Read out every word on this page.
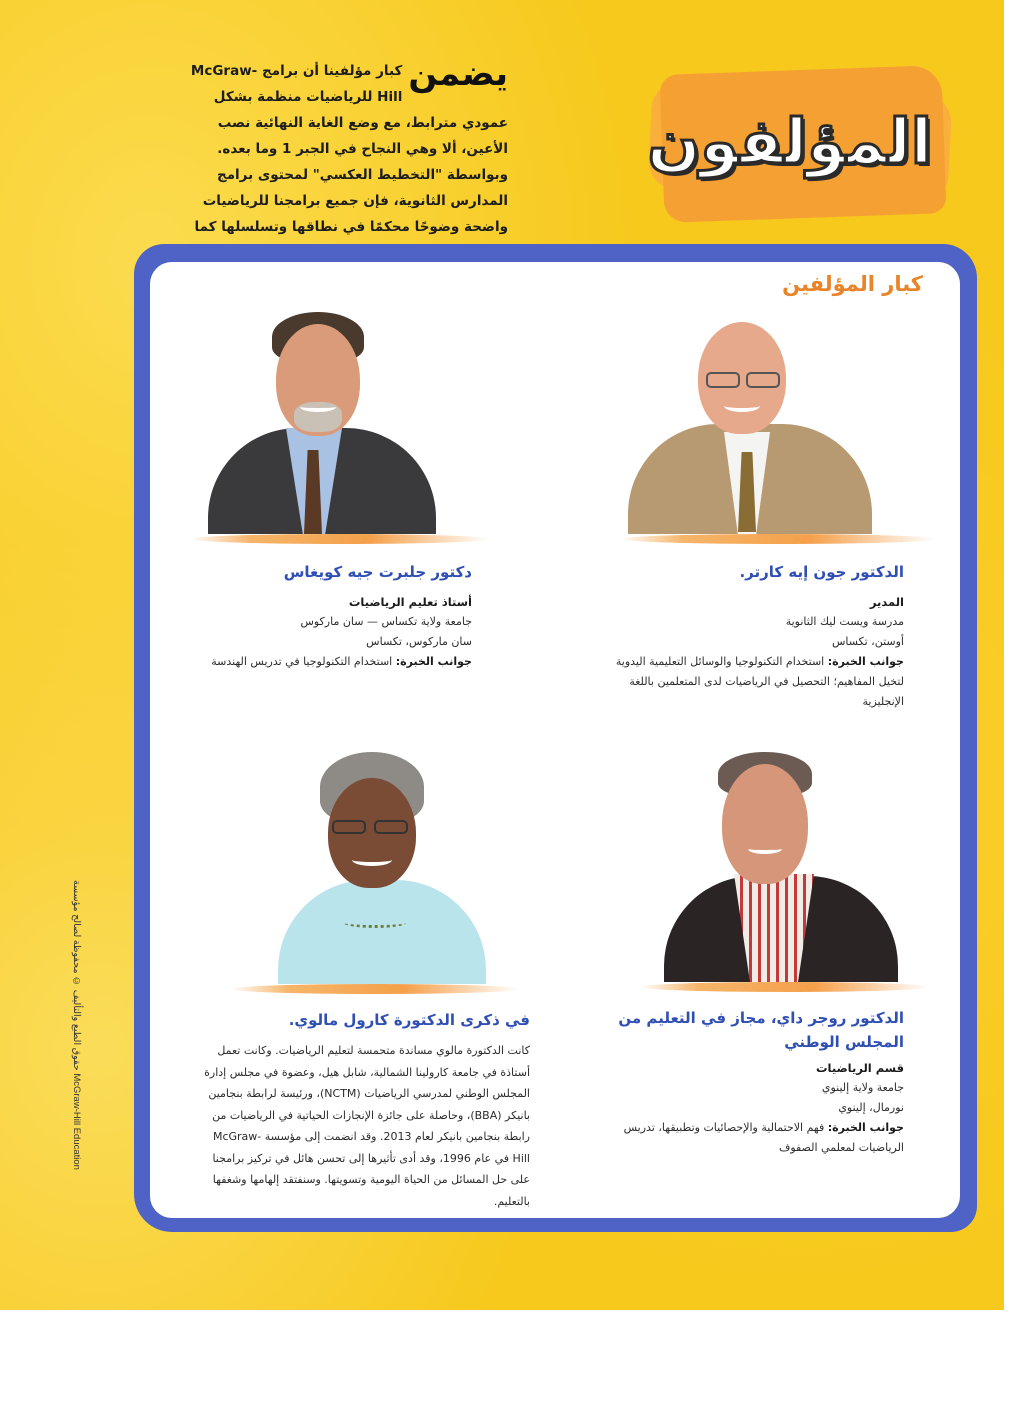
المؤلفون
يضمن
كبار مؤلفينا أن برامج McGraw-Hill للرياضيات منظمة بشكل عمودي مترابط، مع وضع الغاية النهائية نصب الأعين، ألا وهي النجاح في الجبر 1 وما بعده. وبواسطة "التخطيط العكسي" لمحتوى برامج المدارس الثانوية، فإن جميع برامجنا للرياضيات واضحة وضوحًا محكمًا في نطاقها وتسلسلها كما
حقوق الطبع والتأليف © محفوظة لصالح مؤسسة McGraw-Hill Education
كبار المؤلفين
الدكتور جون إيه كارتر.
المدير
مدرسة ويست ليك الثانوية
أوستن، تكساس
جوانب الخبرة: استخدام التكنولوجيا والوسائل التعليمية اليدوية لتخيل المفاهيم؛ التحصيل في الرياضيات لدى المتعلمين باللغة الإنجليزية
دكتور جلبرت جيه كويغاس
أستاذ تعليم الرياضيات
جامعة ولاية تكساس — سان ماركوس
سان ماركوس، تكساس
جوانب الخبرة: استخدام التكنولوجيا في تدريس الهندسة
الدكتور روجر داي، مجاز في التعليم من المجلس الوطني
قسم الرياضيات
جامعة ولاية إلينوي
نورمال، إلينوي
جوانب الخبرة: فهم الاحتمالية والإحصائيات وتطبيقها، تدريس الرياضيات لمعلمي الصفوف
في ذكرى الدكتورة كارول مالوي.
كانت الدكتورة مالوي مساندة متحمسة لتعليم الرياضيات. وكانت تعمل أستاذة في جامعة كارولينا الشمالية، شابل هيل، وعضوة في مجلس إدارة المجلس الوطني لمدرسي الرياضيات (NCTM)، ورئيسة لرابطة بنجامين بانيكر (BBA)، وحاصلة على جائزة الإنجازات الحياتية في الرياضيات من رابطة بنجامين بانيكر لعام 2013. وقد انضمت إلى مؤسسة McGraw-Hill في عام 1996، وقد أدى تأثيرها إلى تحسن هائل في تركيز برامجنا على حل المسائل من الحياة اليومية وتسويتها. وسنفتقد إلهامها وشغفها بالتعليم.
